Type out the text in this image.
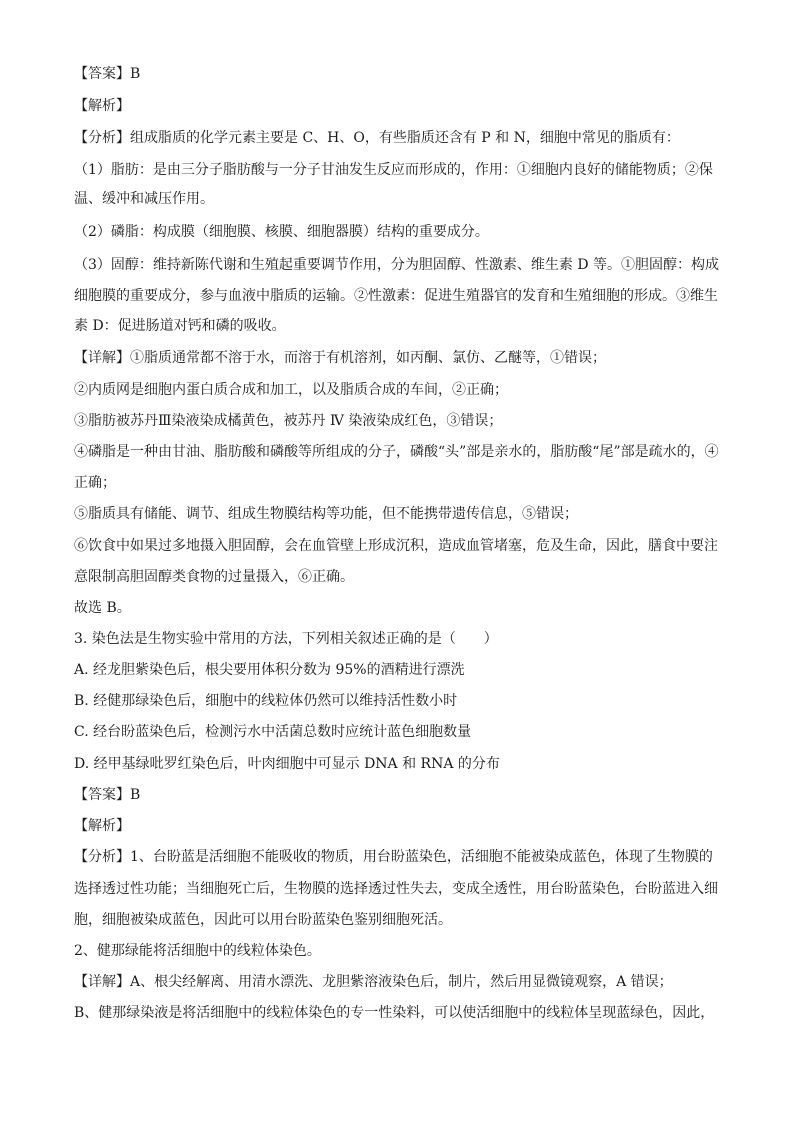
【答案】B
【解析】
【分析】组成脂质的化学元素主要是 C、H、O，有些脂质还含有 P 和 N，细胞中常见的脂质有：
（1）脂肪：是由三分子脂肪酸与一分子甘油发生反应而形成的，作用：①细胞内良好的储能物质；②保
温、缓冲和减压作用。
（2）磷脂：构成膜（细胞膜、核膜、细胞器膜）结构的重要成分。
（3）固醇：维持新陈代谢和生殖起重要调节作用，分为胆固醇、性激素、维生素 D 等。①胆固醇：构成
细胞膜的重要成分，参与血液中脂质的运输。②性激素：促进生殖器官的发育和生殖细胞的形成。③维生
素 D：促进肠道对钙和磷的吸收。
【详解】①脂质通常都不溶于水，而溶于有机溶剂，如丙酮、氯仿、乙醚等，①错误；
②内质网是细胞内蛋白质合成和加工，以及脂质合成的车间，②正确；
③脂肪被苏丹Ⅲ染液染成橘黄色，被苏丹 Ⅳ 染液染成红色，③错误；
④磷脂是一种由甘油、脂肪酸和磷酸等所组成的分子，磷酸“头”部是亲水的，脂肪酸“尾”部是疏水的，④
正确；
⑤脂质具有储能、调节、组成生物膜结构等功能，但不能携带遗传信息，⑤错误；
⑥饮食中如果过多地摄入胆固醇，会在血管壁上形成沉积，造成血管堵塞，危及生命，因此，膳食中要注
意限制高胆固醇类食物的过量摄入，⑥正确。
故选 B。
3. 染色法是生物实验中常用的方法，下列相关叙述正确的是（　　）
A. 经龙胆紫染色后，根尖要用体积分数为 95%的酒精进行漂洗
B. 经健那绿染色后，细胞中的线粒体仍然可以维持活性数小时
C. 经台盼蓝染色后，检测污水中活菌总数时应统计蓝色细胞数量
D. 经甲基绿吡罗红染色后，叶肉细胞中可显示 DNA 和 RNA 的分布
【答案】B
【解析】
【分析】1、台盼蓝是活细胞不能吸收的物质，用台盼蓝染色，活细胞不能被染成蓝色，体现了生物膜的
选择透过性功能；当细胞死亡后，生物膜的选择透过性失去，变成全透性，用台盼蓝染色，台盼蓝进入细
胞，细胞被染成蓝色，因此可以用台盼蓝染色鉴别细胞死活。
2、健那绿能将活细胞中的线粒体染色。
【详解】A、根尖经解离、用清水漂洗、龙胆紫溶液染色后，制片，然后用显微镜观察，A 错误；
B、健那绿染液是将活细胞中的线粒体染色的专一性染料，可以使活细胞中的线粒体呈现蓝绿色，因此，
